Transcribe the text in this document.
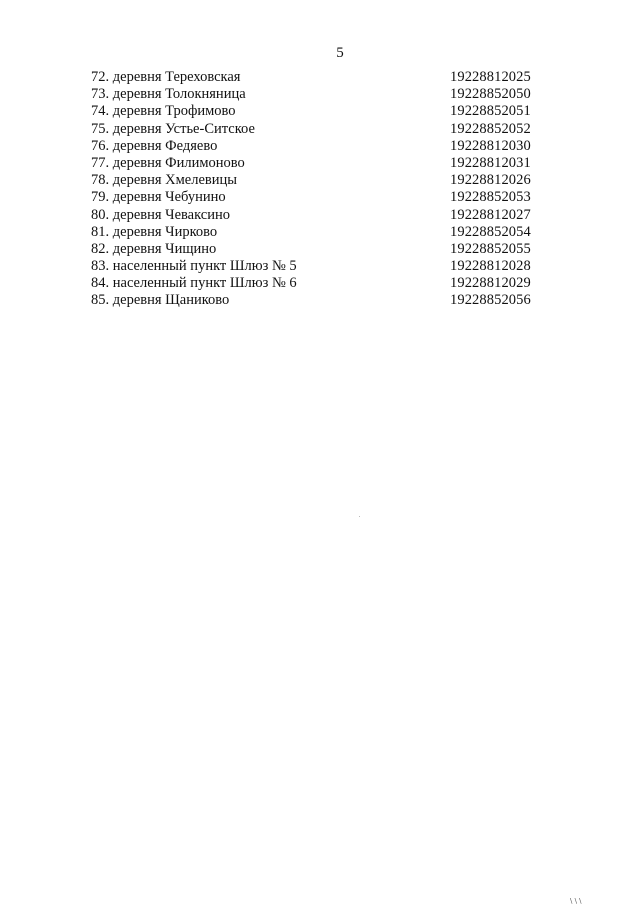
5
72. деревня Тереховская	19228812025
73. деревня Толокняница	19228852050
74. деревня Трофимово	19228852051
75. деревня Устье-Ситское	19228852052
76. деревня Федяево	19228812030
77. деревня Филимоново	19228812031
78. деревня Хмелевицы	19228812026
79. деревня Чебунино	19228852053
80. деревня Чеваксино	19228812027
81. деревня Чирково	19228852054
82. деревня Чищино	19228852055
83. населенный пункт Шлюз № 5	19228812028
84. населенный пункт Шлюз № 6	19228812029
85. деревня Щаниково	19228852056
\ \ \
